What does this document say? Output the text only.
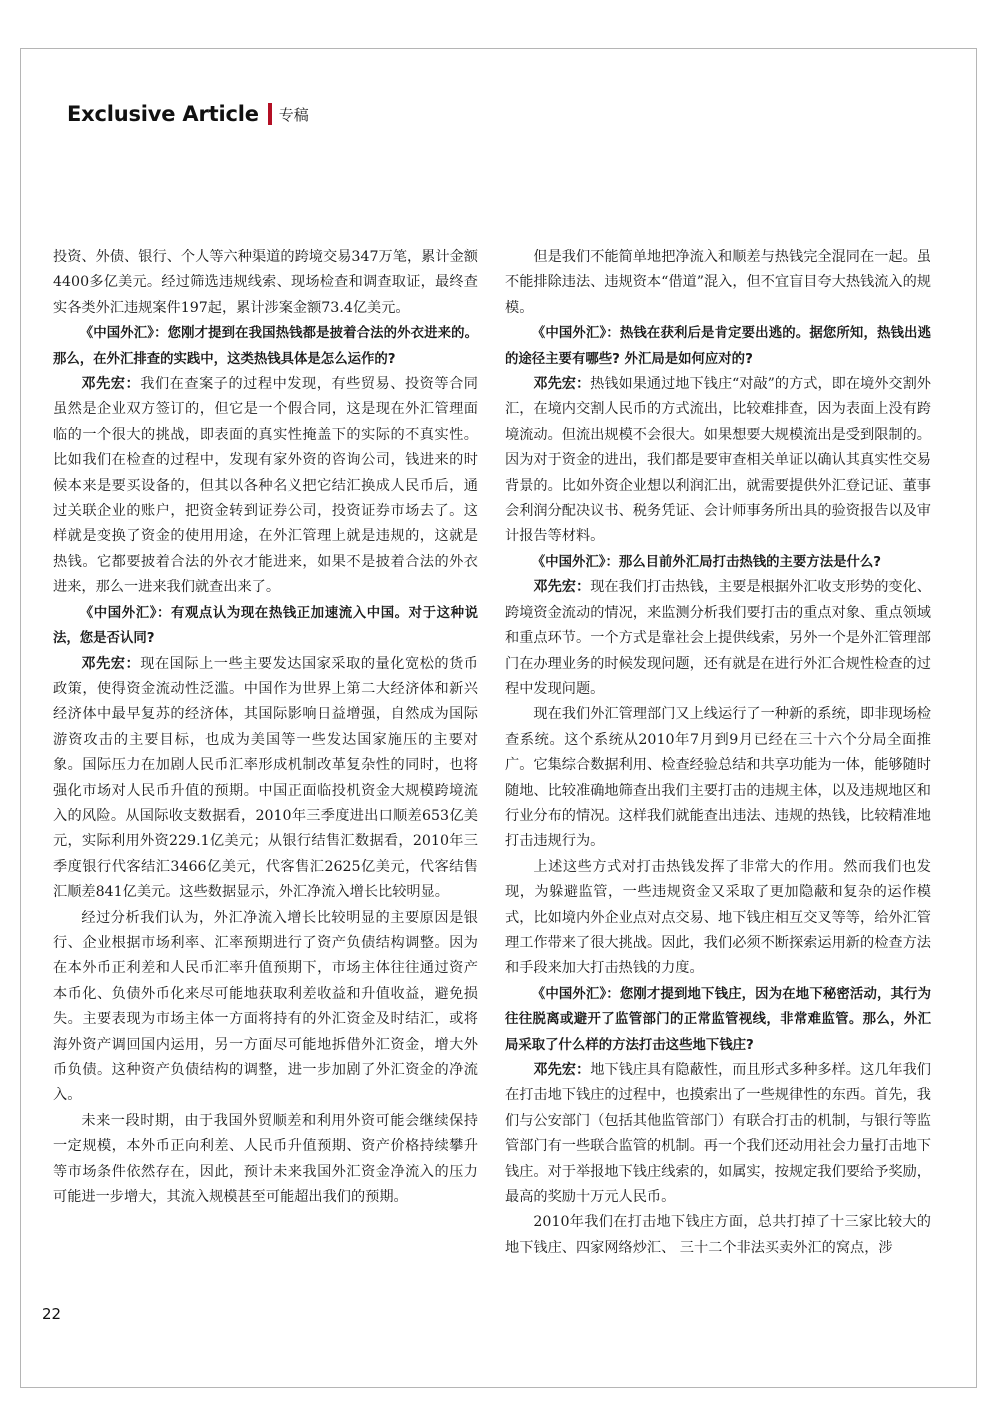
Exclusive Article 专稿

投资、外债、银行、个人等六种渠道的跨境交易347万笔，累计金额4400多亿美元。经过筛选违规线索、现场检查和调查取证，最终查实各类外汇违规案件197起，累计涉案金额73.4亿美元。

《中国外汇》：您刚才提到在我国热钱都是披着合法的外衣进来的。那么，在外汇排查的实践中，这类热钱具体是怎么运作的?

邓先宏：我们在查案子的过程中发现，有些贸易、投资等合同虽然是企业双方签订的，但它是一个假合同，这是现在外汇管理面临的一个很大的挑战，即表面的真实性掩盖下的实际的不真实性。比如我们在检查的过程中，发现有家外资的咨询公司，钱进来的时候本来是要买设备的，但其以各种名义把它结汇换成人民币后，通过关联企业的账户，把资金转到证券公司，投资证券市场去了。这样就是变换了资金的使用用途，在外汇管理上就是违规的，这就是热钱。它都要披着合法的外衣才能进来，如果不是披着合法的外衣进来，那么一进来我们就查出来了。

《中国外汇》：有观点认为现在热钱正加速流入中国。对于这种说法，您是否认同?

邓先宏：现在国际上一些主要发达国家采取的量化宽松的货币政策，使得资金流动性泛滥。中国作为世界上第二大经济体和新兴经济体中最早复苏的经济体，其国际影响日益增强，自然成为国际游资攻击的主要目标，也成为美国等一些发达国家施压的主要对象。国际压力在加剧人民币汇率形成机制改革复杂性的同时，也将强化市场对人民币升值的预期。中国正面临投机资金大规模跨境流入的风险。从国际收支数据看，2010年三季度进出口顺差653亿美元，实际利用外资229.1亿美元；从银行结售汇数据看，2010年三季度银行代客结汇3466亿美元，代客售汇2625亿美元，代客结售汇顺差841亿美元。这些数据显示，外汇净流入增长比较明显。

经过分析我们认为，外汇净流入增长比较明显的主要原因是银行、企业根据市场利率、汇率预期进行了资产负债结构调整。因为在本外币正利差和人民币汇率升值预期下，市场主体往往通过资产本币化、负债外币化来尽可能地获取利差收益和升值收益，避免损失。主要表现为市场主体一方面将持有的外汇资金及时结汇，或将海外资产调回国内运用，另一方面尽可能地拆借外汇资金，增大外币负债。这种资产负债结构的调整，进一步加剧了外汇资金的净流入。

未来一段时期，由于我国外贸顺差和利用外资可能会继续保持一定规模，本外币正向利差、人民币升值预期、资产价格持续攀升等市场条件依然存在，因此，预计未来我国外汇资金净流入的压力可能进一步增大，其流入规模甚至可能超出我们的预期。

但是我们不能简单地把净流入和顺差与热钱完全混同在一起。虽不能排除违法、违规资本“借道”混入，但不宜盲目夸大热钱流入的规模。

《中国外汇》：热钱在获利后是肯定要出逃的。据您所知，热钱出逃的途径主要有哪些? 外汇局是如何应对的?

邓先宏：热钱如果通过地下钱庄“对敲”的方式，即在境外交割外汇，在境内交割人民币的方式流出，比较难排查，因为表面上没有跨境流动。但流出规模不会很大。如果想要大规模流出是受到限制的。因为对于资金的进出，我们都是要审查相关单证以确认其真实性交易背景的。比如外资企业想以利润汇出，就需要提供外汇登记证、董事会利润分配决议书、税务凭证、会计师事务所出具的验资报告以及审计报告等材料。

《中国外汇》：那么目前外汇局打击热钱的主要方法是什么?

邓先宏：现在我们打击热钱，主要是根据外汇收支形势的变化、跨境资金流动的情况，来监测分析我们要打击的重点对象、重点领域和重点环节。一个方式是靠社会上提供线索，另外一个是外汇管理部门在办理业务的时候发现问题，还有就是在进行外汇合规性检查的过程中发现问题。

现在我们外汇管理部门又上线运行了一种新的系统，即非现场检查系统。这个系统从2010年7月到9月已经在三十六个分局全面推广。它集综合数据利用、检查经验总结和共享功能为一体，能够随时随地、比较准确地筛查出我们主要打击的违规主体，以及违规地区和行业分布的情况。这样我们就能查出违法、违规的热钱，比较精准地打击违规行为。

上述这些方式对打击热钱发挥了非常大的作用。然而我们也发现，为躲避监管，一些违规资金又采取了更加隐蔽和复杂的运作模式，比如境内外企业点对点交易、地下钱庄相互交叉等等，给外汇管理工作带来了很大挑战。因此，我们必须不断探索运用新的检查方法和手段来加大打击热钱的力度。

《中国外汇》：您刚才提到地下钱庄，因为在地下秘密活动，其行为往往脱离或避开了监管部门的正常监管视线，非常难监管。那么，外汇局采取了什么样的方法打击这些地下钱庄?

邓先宏：地下钱庄具有隐蔽性，而且形式多种多样。这几年我们在打击地下钱庄的过程中，也摸索出了一些规律性的东西。首先，我们与公安部门（包括其他监管部门）有联合打击的机制，与银行等监管部门有一些联合监管的机制。再一个我们还动用社会力量打击地下钱庄。对于举报地下钱庄线索的，如属实，按规定我们要给予奖励，最高的奖励十万元人民币。

2010年我们在打击地下钱庄方面，总共打掉了十三家比较大的地下钱庄、四家网络炒汇、 三十二个非法买卖外汇的窝点，涉

22
